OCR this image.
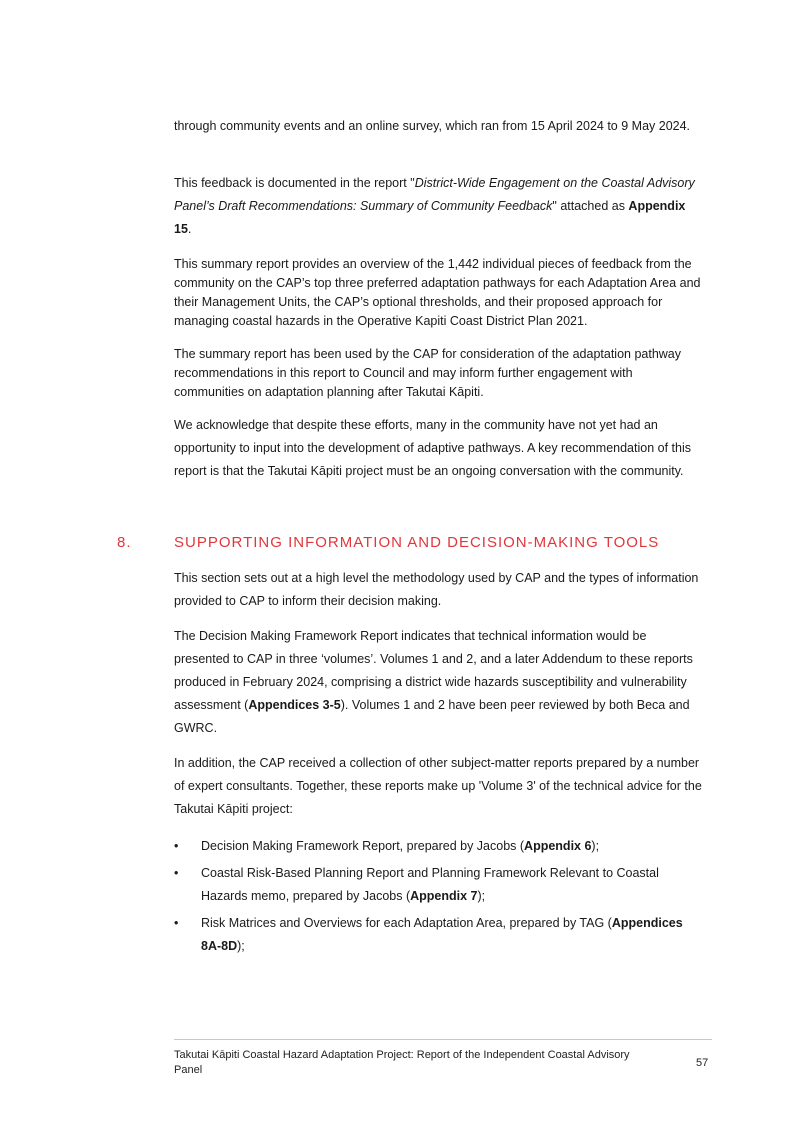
through community events and an online survey, which ran from 15 April 2024 to 9 May 2024.

This feedback is documented in the report "District-Wide Engagement on the Coastal Advisory Panel’s Draft Recommendations: Summary of Community Feedback" attached as Appendix 15.

This summary report provides an overview of the 1,442 individual pieces of feedback from the community on the CAP’s top three preferred adaptation pathways for each Adaptation Area and their Management Units, the CAP’s optional thresholds, and their proposed approach for managing coastal hazards in the Operative Kapiti Coast District Plan 2021.

The summary report has been used by the CAP for consideration of the adaptation pathway recommendations in this report to Council and may inform further engagement with communities on adaptation planning after Takutai Kāpiti.

We acknowledge that despite these efforts, many in the community have not yet had an opportunity to input into the development of adaptive pathways. A key recommendation of this report is that the Takutai Kāpiti project must be an ongoing conversation with the community.

8.	SUPPORTING INFORMATION AND DECISION-MAKING TOOLS

This section sets out at a high level the methodology used by CAP and the types of information provided to CAP to inform their decision making.

The Decision Making Framework Report indicates that technical information would be presented to CAP in three ‘volumes’. Volumes 1 and 2, and a later Addendum to these reports produced in February 2024, comprising a district wide hazards susceptibility and vulnerability assessment (Appendices 3-5). Volumes 1 and 2 have been peer reviewed by both Beca and GWRC.

In addition, the CAP received a collection of other subject-matter reports prepared by a number of expert consultants. Together, these reports make up 'Volume 3' of the technical advice for the Takutai Kāpiti project:

• Decision Making Framework Report, prepared by Jacobs (Appendix 6);
• Coastal Risk-Based Planning Report and Planning Framework Relevant to Coastal Hazards memo, prepared by Jacobs (Appendix 7);
• Risk Matrices and Overviews for each Adaptation Area, prepared by TAG (Appendices 8A-8D);
Takutai Kāpiti Coastal Hazard Adaptation Project: Report of the Independent Coastal Advisory Panel
57
